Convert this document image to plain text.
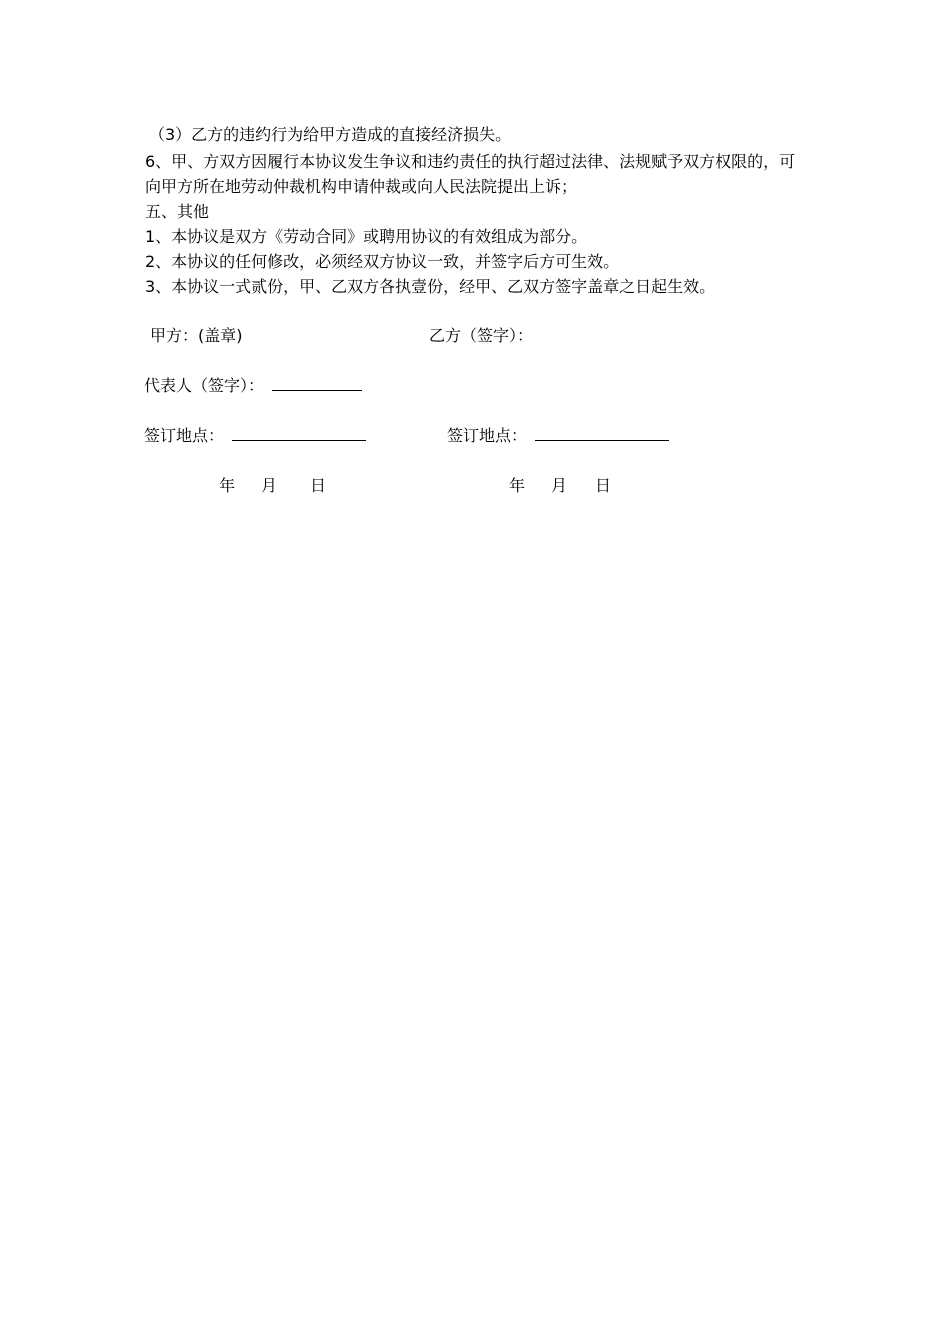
（3）乙方的违约行为给甲方造成的直接经济损失。
6、甲、方双方因履行本协议发生争议和违约责任的执行超过法律、法规赋予双方权限的，可
向甲方所在地劳动仲裁机构申请仲裁或向人民法院提出上诉；
五、其他
1、本协议是双方《劳动合同》或聘用协议的有效组成为部分。
2、本协议的任何修改，必须经双方协议一致，并签字后方可生效。
3、本协议一式贰份，甲、乙双方各执壹份，经甲、乙双方签字盖章之日起生效。
甲方：(盖章)	乙方（签字）：
代表人（签字）：
签订地点：	签订地点：
年 月 日	年 月 日
